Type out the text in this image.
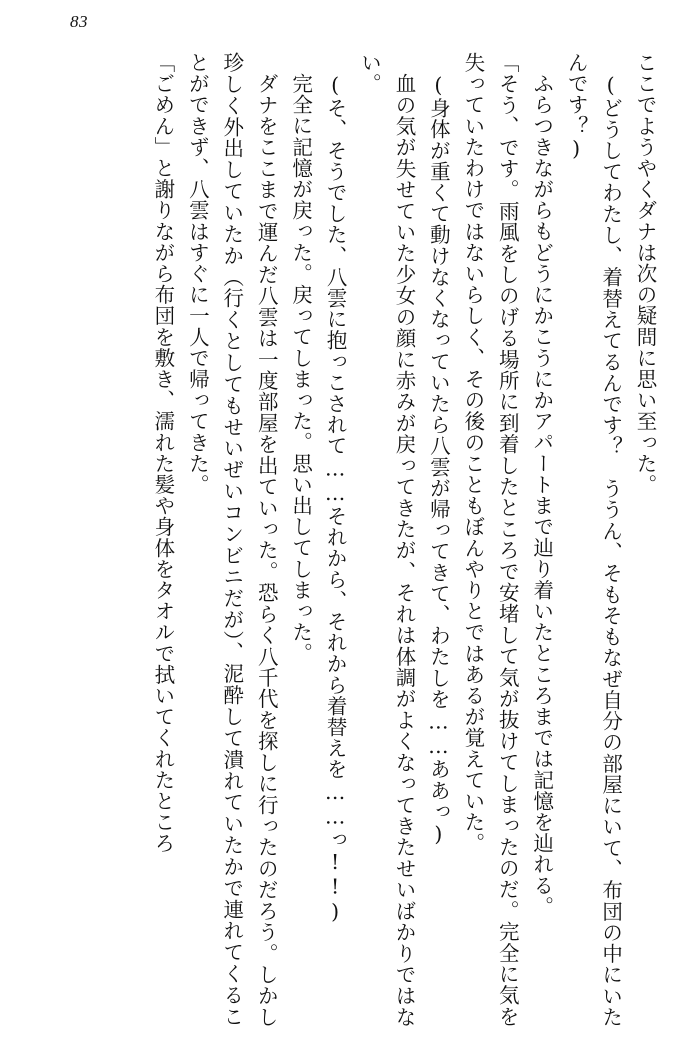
83

ここでようやくダナは次の疑問に思い至った。

(どうしてわたし、着替えてるんです？　ううん、そもそもなぜ自分の部屋にいて、布団の中にいたんです？)

ふらつきながらもどうにかこうにかアパートまで辿り着いたところまでは記憶を辿れる。

「そう、です。雨風をしのげる場所に到着したところで安堵して気が抜けてしまったのだ。完全に気を失っていたわけではないらしく、その後のこともぼんやりとではあるが覚えていた。

(身体が重くて動けなくなっていたら八雲が帰ってきて、わたしを……ああっ)

血の気が失せていた少女の顔に赤みが戻ってきたが、それは体調がよくなってきたせいばかりではない。

(そ、そうでした、八雲に抱っこされて……それから、それから着替えを……っ!!)

完全に記憶が戻った。戻ってしまった。思い出してしまった。

ダナをここまで運んだ八雲は一度部屋を出ていった。恐らく八千代を探しに行ったのだろう。しかし珍しく外出していたか（行くとしてもせいぜいコンビニだが）、泥酔して潰れていたかで連れてくることができず、八雲はすぐに一人で帰ってきた。

「ごめん」と謝りながら布団を敷き、濡れた髪や身体をタオルで拭いてくれたところ
